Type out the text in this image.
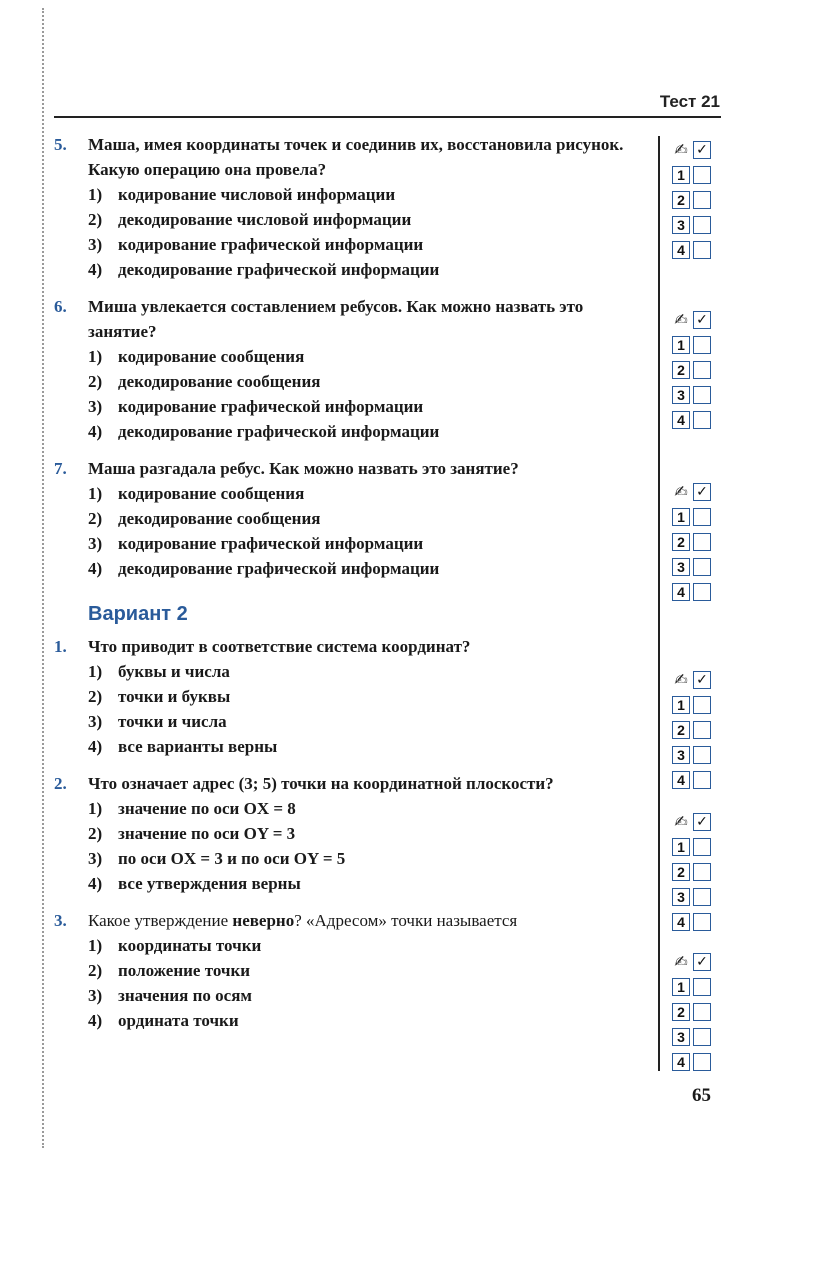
Тест 21
5.	Маша, имея координаты точек и соединив их, восстановила рисунок. Какую операцию она провела?
1) кодирование числовой информации
2) декодирование числовой информации
3) кодирование графической информации
4) декодирование графической информации
6.	Миша увлекается составлением ребусов. Как можно назвать это занятие?
1) кодирование сообщения
2) декодирование сообщения
3) кодирование графической информации
4) декодирование графической информации
7.	Маша разгадала ребус. Как можно назвать это занятие?
1) кодирование сообщения
2) декодирование сообщения
3) кодирование графической информации
4) декодирование графической информации
Вариант 2
1.	Что приводит в соответствие система координат?
1) буквы и числа
2) точки и буквы
3) точки и числа
4) все варианты верны
2.	Что означает адрес (3; 5) точки на координатной плоскости?
1) значение по оси OX = 8
2) значение по оси OY = 3
3) по оси OX = 3 и по оси OY = 5
4) все утверждения верны
3.	Какое утверждение неверно? «Адресом» точки называется
1) координаты точки
2) положение точки
3) значения по осям
4) ордината точки
✍ ✓
1
2
3
4
✍ ✓
1
2
3
4
✍ ✓
1
2
3
4
✍ ✓
1
2
3
4
✍ ✓
1
2
3
4
✍ ✓
1
2
3
4
65
